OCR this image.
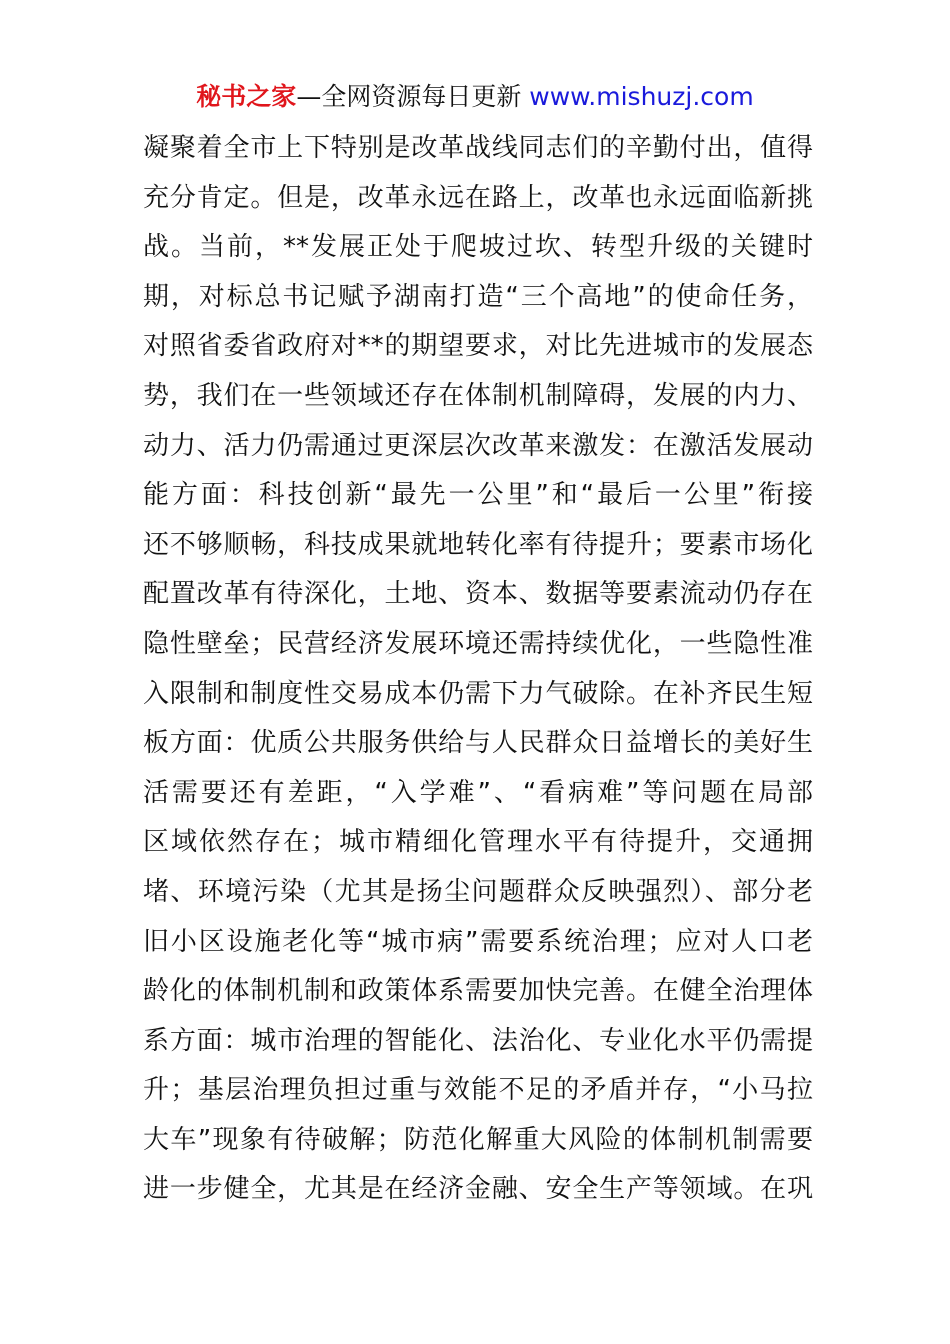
秘书之家—全网资源每日更新 www.mishuzj.com
凝聚着全市上下特别是改革战线同志们的辛勤付出，值得
充分肯定。但是，改革永远在路上，改革也永远面临新挑
战。当前，**发展正处于爬坡过坎、转型升级的关键时
期，对标总书记赋予湖南打造“三个高地”的使命任务，
对照省委省政府对**的期望要求，对比先进城市的发展态
势，我们在一些领域还存在体制机制障碍，发展的内力、
动力、活力仍需通过更深层次改革来激发：在激活发展动
能方面：科技创新“最先一公里”和“最后一公里”衔接
还不够顺畅，科技成果就地转化率有待提升；要素市场化
配置改革有待深化，土地、资本、数据等要素流动仍存在
隐性壁垒；民营经济发展环境还需持续优化，一些隐性准
入限制和制度性交易成本仍需下力气破除。在补齐民生短
板方面：优质公共服务供给与人民群众日益增长的美好生
活需要还有差距，“入学难”、“看病难”等问题在局部
区域依然存在；城市精细化管理水平有待提升，交通拥
堵、环境污染（尤其是扬尘问题群众反映强烈）、部分老
旧小区设施老化等“城市病”需要系统治理；应对人口老
龄化的体制机制和政策体系需要加快完善。在健全治理体
系方面：城市治理的智能化、法治化、专业化水平仍需提
升；基层治理负担过重与效能不足的矛盾并存，“小马拉
大车”现象有待破解；防范化解重大风险的体制机制需要
进一步健全，尤其是在经济金融、安全生产等领域。在巩
